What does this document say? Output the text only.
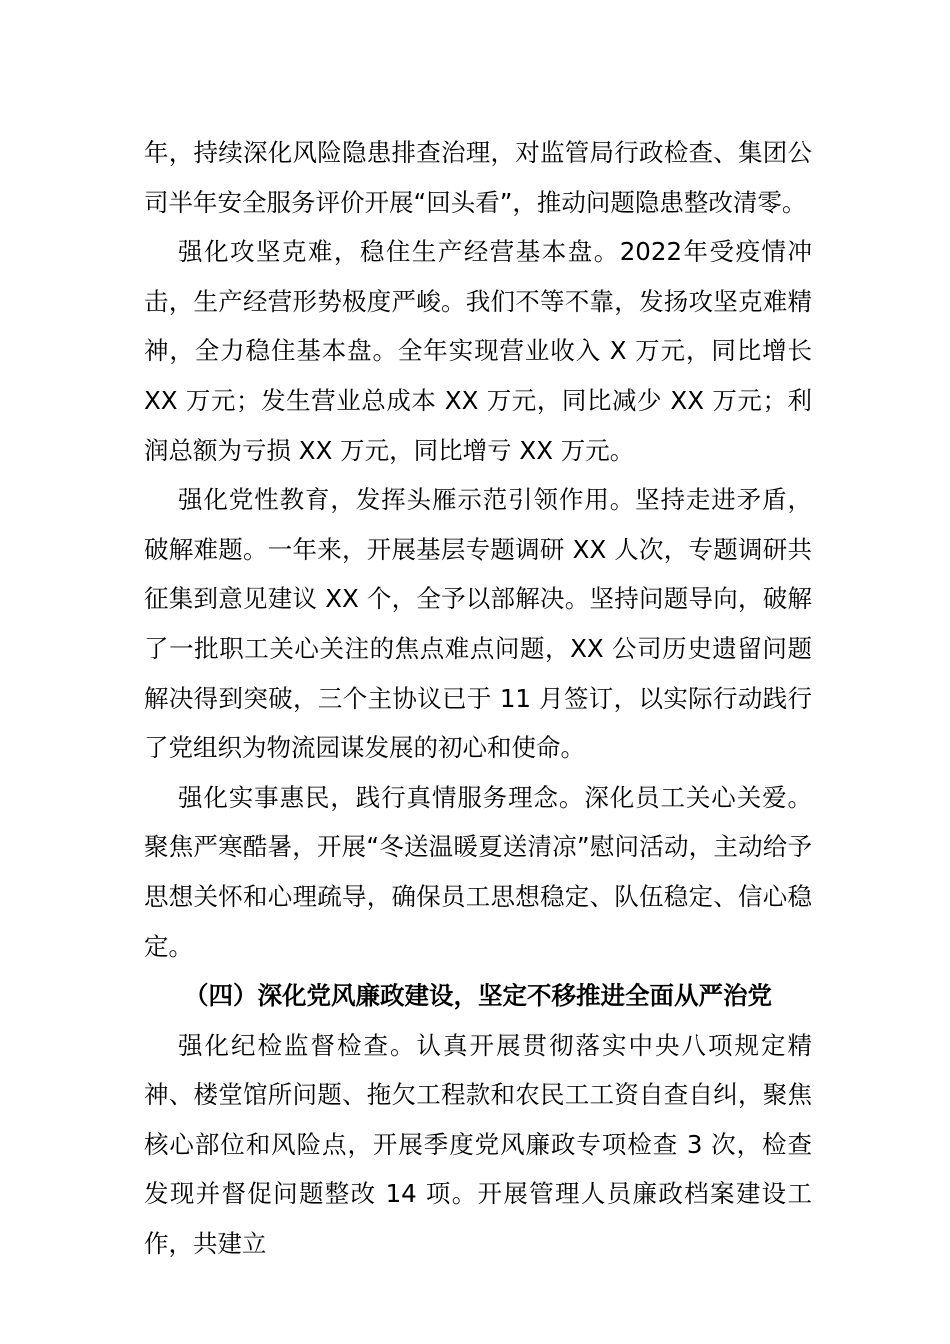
年，持续深化风险隐患排查治理，对监管局行政检查、集团公司半年安全服务评价开展“回头看”，推动问题隐患整改清零。

强化攻坚克难，稳住生产经营基本盘。2022年受疫情冲击，生产经营形势极度严峻。我们不等不靠，发扬攻坚克难精神，全力稳住基本盘。全年实现营业收入 X 万元，同比增长 XX 万元；发生营业总成本 XX 万元，同比减少 XX 万元；利润总额为亏损 XX 万元，同比增亏 XX 万元。

强化党性教育，发挥头雁示范引领作用。坚持走进矛盾，破解难题。一年来，开展基层专题调研 XX 人次，专题调研共征集到意见建议 XX 个，全予以部解决。坚持问题导向，破解了一批职工关心关注的焦点难点问题，XX 公司历史遗留问题解决得到突破，三个主协议已于 11 月签订，以实际行动践行了党组织为物流园谋发展的初心和使命。

强化实事惠民，践行真情服务理念。深化员工关心关爱。聚焦严寒酷暑，开展“冬送温暖夏送清凉”慰问活动，主动给予思想关怀和心理疏导，确保员工思想稳定、队伍稳定、信心稳定。

（四）深化党风廉政建设，坚定不移推进全面从严治党

强化纪检监督检查。认真开展贯彻落实中央八项规定精神、楼堂馆所问题、拖欠工程款和农民工工资自查自纠，聚焦核心部位和风险点，开展季度党风廉政专项检查 3 次，检查发现并督促问题整改 14 项。开展管理人员廉政档案建设工作，共建立
